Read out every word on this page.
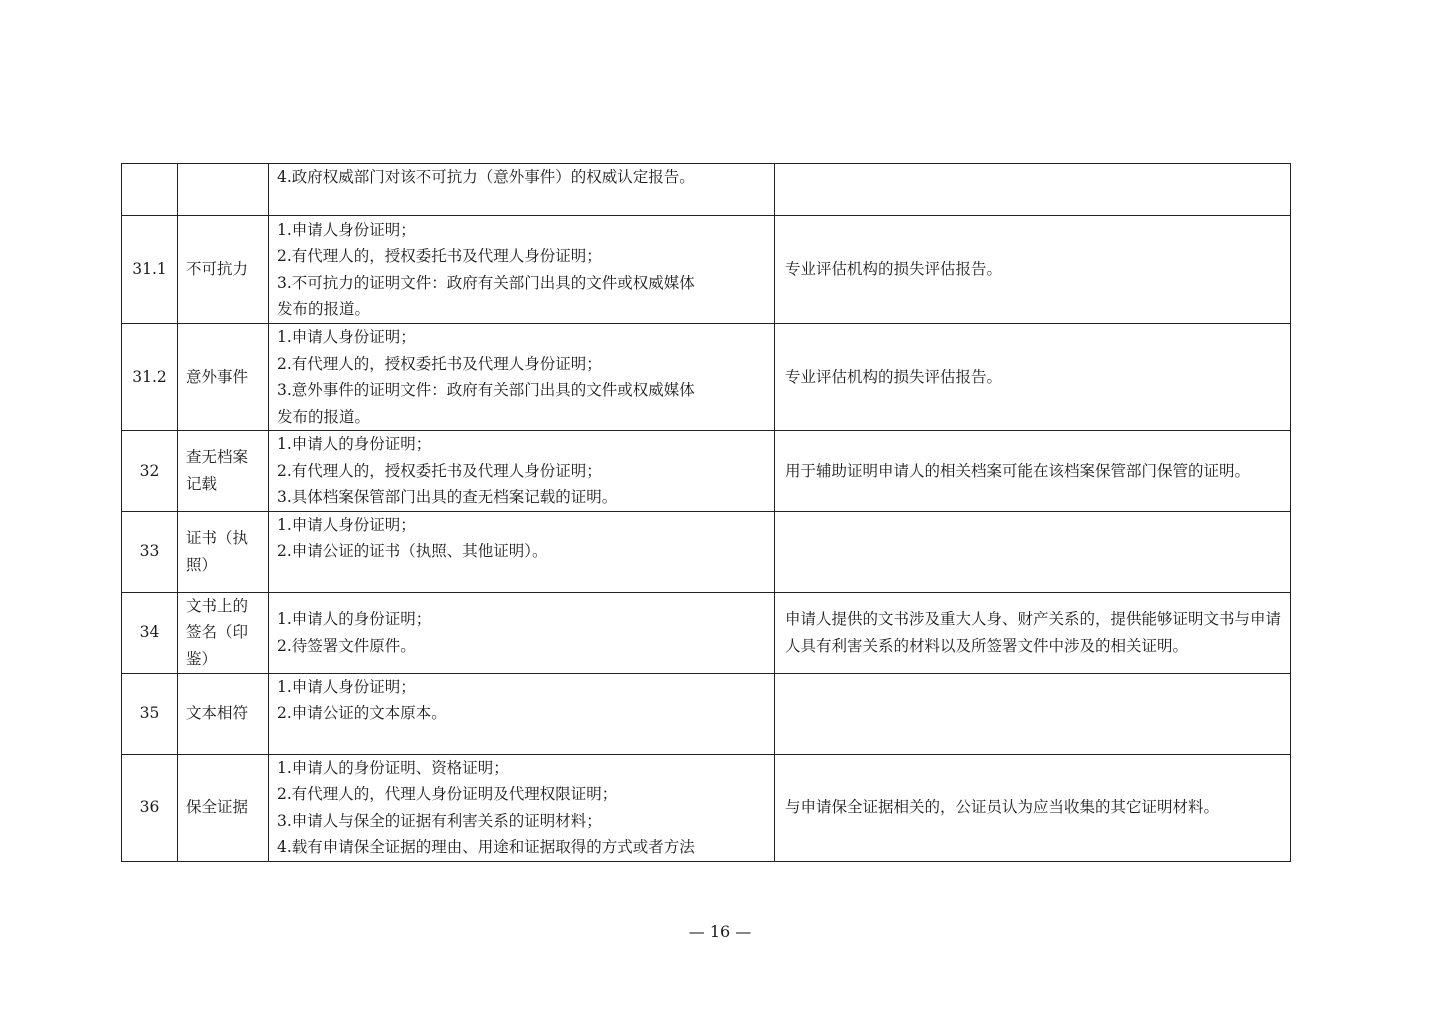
		4.政府权威部门对该不可抗力（意外事件）的权威认定报告。	

31.1	不可抗力	1.申请人身份证明；
2.有代理人的，授权委托书及代理人身份证明；
3.不可抗力的证明文件：政府有关部门出具的文件或权威媒体
发布的报道。	专业评估机构的损失评估报告。
31.2	意外事件	1.申请人身份证明；
2.有代理人的，授权委托书及代理人身份证明；
3.意外事件的证明文件：政府有关部门出具的文件或权威媒体
发布的报道。	专业评估机构的损失评估报告。
32	查无档案记载	1.申请人的身份证明；
2.有代理人的，授权委托书及代理人身份证明；
3.具体档案保管部门出具的查无档案记载的证明。	用于辅助证明申请人的相关档案可能在该档案保管部门保管的证明。
33	证书（执照）	1.申请人身份证明；
2.申请公证的证书（执照、其他证明）。	

34	文书上的签名（印鉴）	1.申请人的身份证明；
2.待签署文件原件。	申请人提供的文书涉及重大人身、财产关系的，提供能够证明文书与申请人具有利害关系的材料以及所签署文件中涉及的相关证明。
35	文本相符	1.申请人身份证明；
2.申请公证的文本原本。	

36	保全证据	1.申请人的身份证明、资格证明；
2.有代理人的，代理人身份证明及代理权限证明；
3.申请人与保全的证据有利害关系的证明材料；
4.载有申请保全证据的理由、用途和证据取得的方式或者方法	与申请保全证据相关的，公证员认为应当收集的其它证明材料。
— 16 —
